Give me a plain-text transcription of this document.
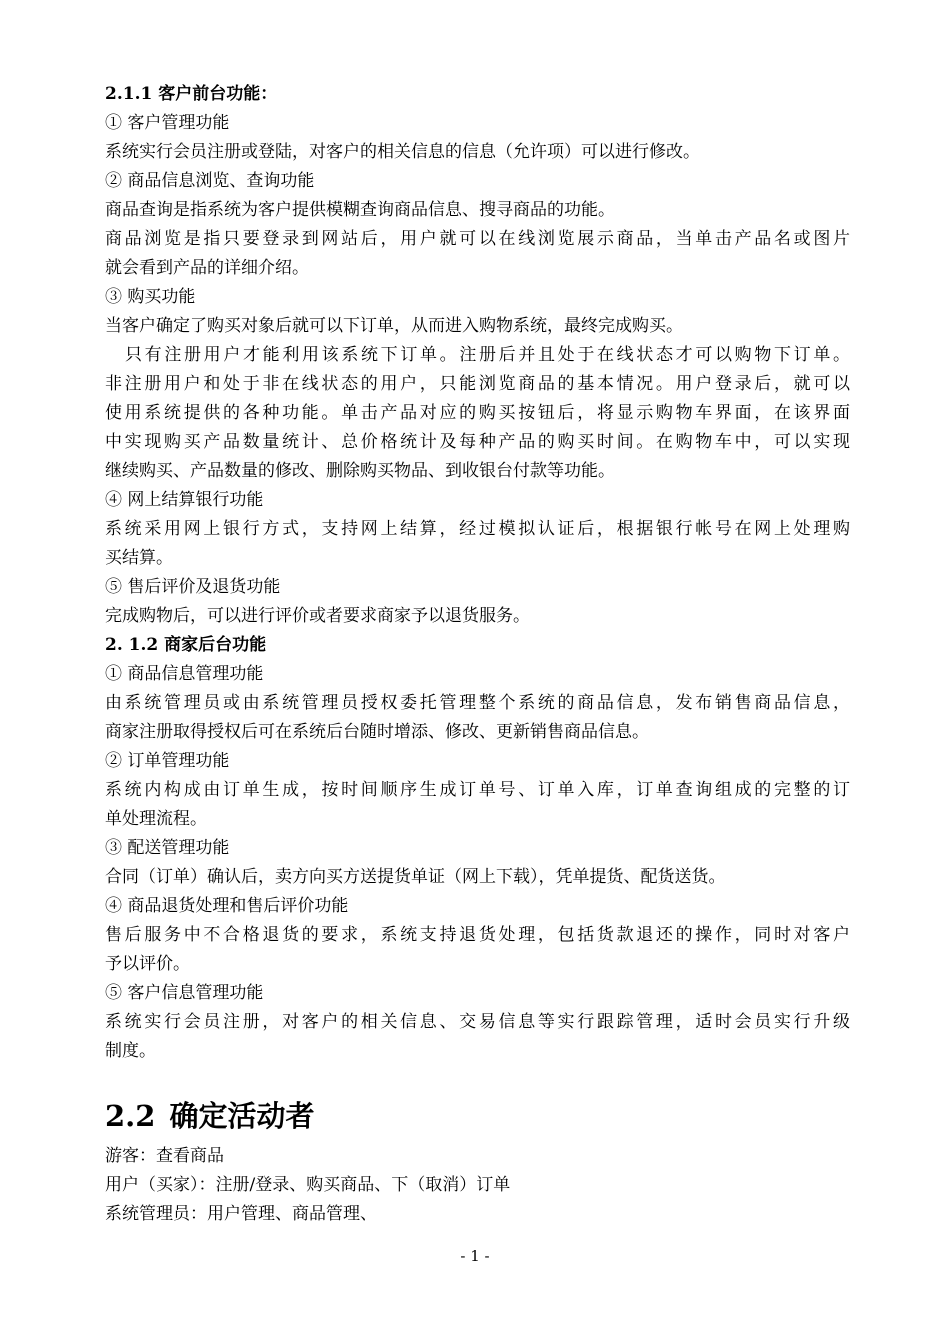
2.1.1 客户前台功能：
① 客户管理功能
系统实行会员注册或登陆，对客户的相关信息的信息（允许项）可以进行修改。
② 商品信息浏览、查询功能
商品查询是指系统为客户提供模糊查询商品信息、搜寻商品的功能。
商品浏览是指只要登录到网站后，用户就可以在线浏览展示商品，当单击产品名或图片
就会看到产品的详细介绍。
③ 购买功能
当客户确定了购买对象后就可以下订单，从而进入购物系统，最终完成购买。
只有注册用户才能利用该系统下订单。注册后并且处于在线状态才可以购物下订单。
非注册用户和处于非在线状态的用户，只能浏览商品的基本情况。用户登录后，就可以
使用系统提供的各种功能。单击产品对应的购买按钮后，将显示购物车界面，在该界面
中实现购买产品数量统计、总价格统计及每种产品的购买时间。在购物车中，可以实现
继续购买、产品数量的修改、删除购买物品、到收银台付款等功能。
④ 网上结算银行功能
系统采用网上银行方式，支持网上结算，经过模拟认证后，根据银行帐号在网上处理购
买结算。
⑤ 售后评价及退货功能
完成购物后，可以进行评价或者要求商家予以退货服务。
2. 1.2 商家后台功能
① 商品信息管理功能
由系统管理员或由系统管理员授权委托管理整个系统的商品信息，发布销售商品信息，
商家注册取得授权后可在系统后台随时增添、修改、更新销售商品信息。
② 订单管理功能
系统内构成由订单生成，按时间顺序生成订单号、订单入库，订单查询组成的完整的订
单处理流程。
③ 配送管理功能
合同（订单）确认后，卖方向买方送提货单证（网上下载），凭单提货、配货送货。
④ 商品退货处理和售后评价功能
售后服务中不合格退货的要求，系统支持退货处理，包括货款退还的操作，同时对客户
予以评价。
⑤ 客户信息管理功能
系统实行会员注册，对客户的相关信息、交易信息等实行跟踪管理，适时会员实行升级
制度。
2.2 确定活动者
游客：查看商品
用户（买家）：注册/登录、购买商品、下（取消）订单
系统管理员：用户管理、商品管理、
- 1 -
